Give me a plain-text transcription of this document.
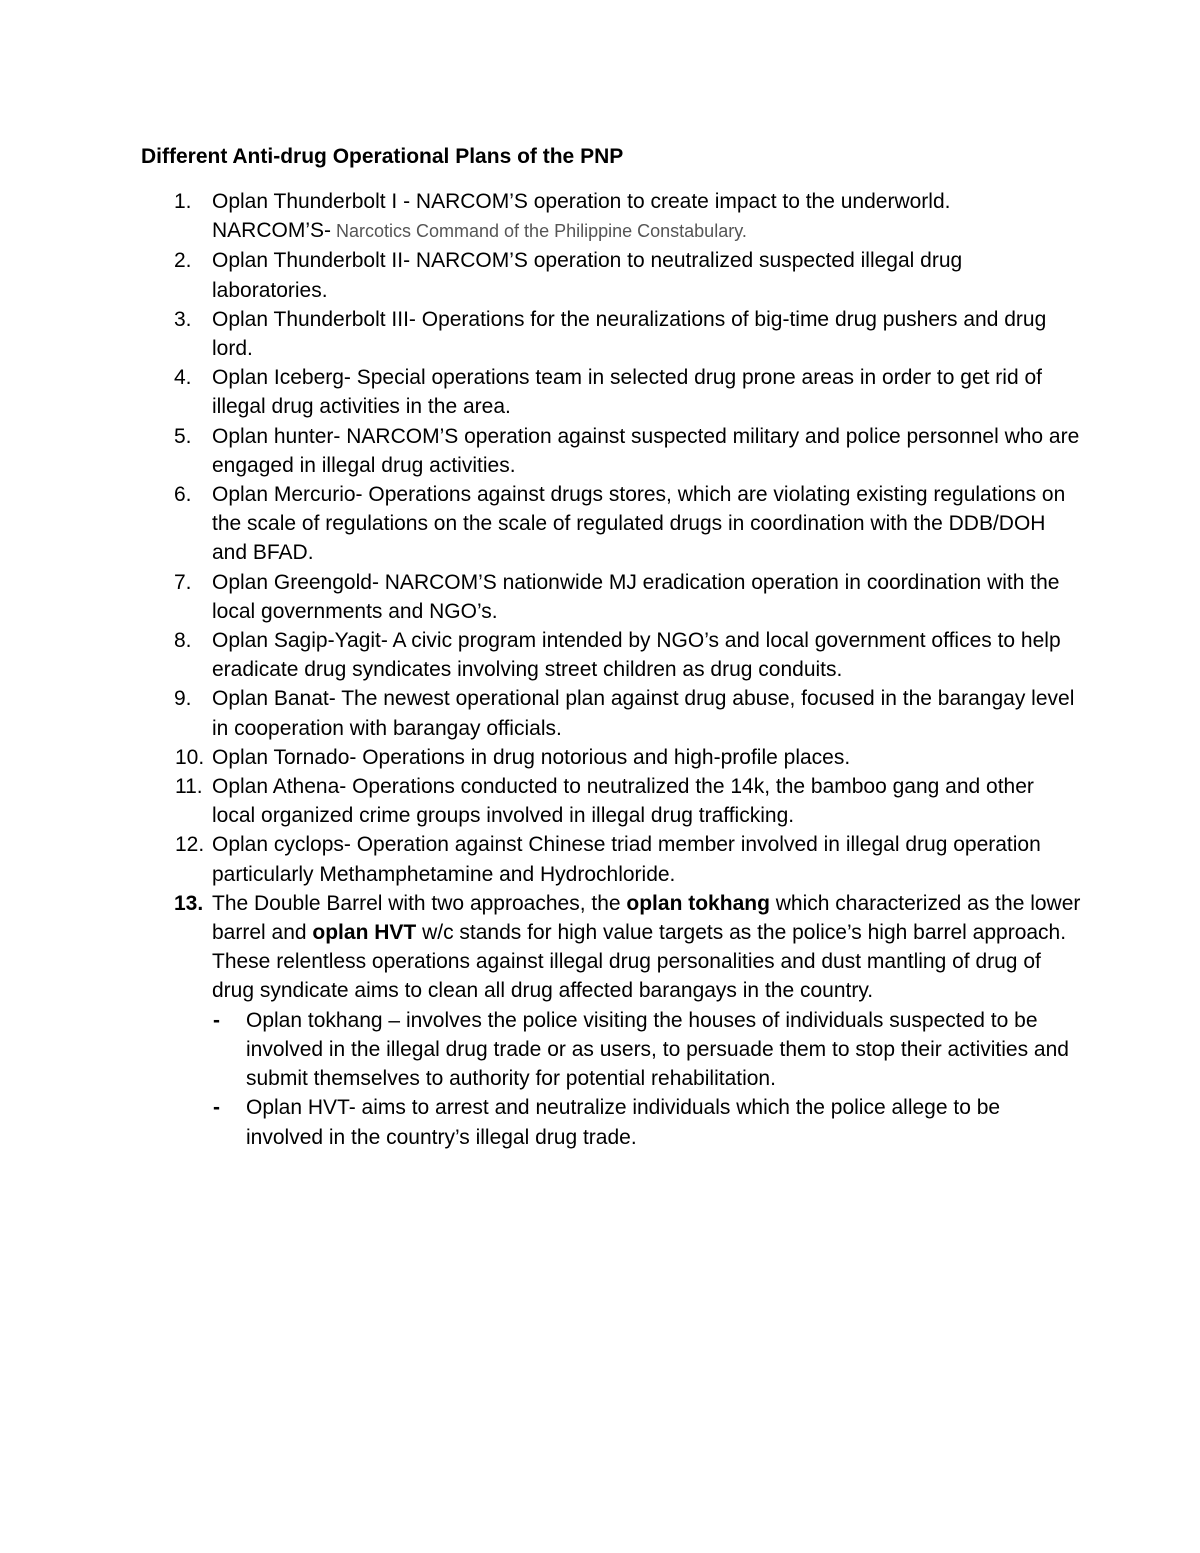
Different Anti-drug Operational Plans of the PNP
1. Oplan Thunderbolt I - NARCOM’S operation to create impact to the underworld.
NARCOM’S- Narcotics Command of the Philippine Constabulary.
2. Oplan Thunderbolt II- NARCOM’S operation to neutralized suspected illegal drug laboratories.
3. Oplan Thunderbolt III- Operations for the neuralizations of big-time drug pushers and drug lord.
4. Oplan Iceberg- Special operations team in selected drug prone areas in order to get rid of illegal drug activities in the area.
5. Oplan hunter- NARCOM’S operation against suspected military and police personnel who are engaged in illegal drug activities.
6. Oplan Mercurio- Operations against drugs stores, which are violating existing regulations on the scale of regulations on the scale of regulated drugs in coordination with the DDB/DOH and BFAD.
7. Oplan Greengold- NARCOM’S nationwide MJ eradication operation in coordination with the local governments and NGO’s.
8. Oplan Sagip-Yagit- A civic program intended by NGO’s and local government offices to help eradicate drug syndicates involving street children as drug conduits.
9. Oplan Banat- The newest operational plan against drug abuse, focused in the barangay level in cooperation with barangay officials.
10. Oplan Tornado- Operations in drug notorious and high-profile places.
11. Oplan Athena- Operations conducted to neutralized the 14k, the bamboo gang and other local organized crime groups involved in illegal drug trafficking.
12. Oplan cyclops- Operation against Chinese triad member involved in illegal drug operation particularly Methamphetamine and Hydrochloride.
13. The Double Barrel with two approaches, the oplan tokhang which characterized as the lower barrel and oplan HVT w/c stands for high value targets as the police’s high barrel approach. These relentless operations against illegal drug personalities and dust mantling of drug of drug syndicate aims to clean all drug affected barangays in the country.
- Oplan tokhang – involves the police visiting the houses of individuals suspected to be involved in the illegal drug trade or as users, to persuade them to stop their activities and submit themselves to authority for potential rehabilitation.
- Oplan HVT- aims to arrest and neutralize individuals which the police allege to be involved in the country’s illegal drug trade.
